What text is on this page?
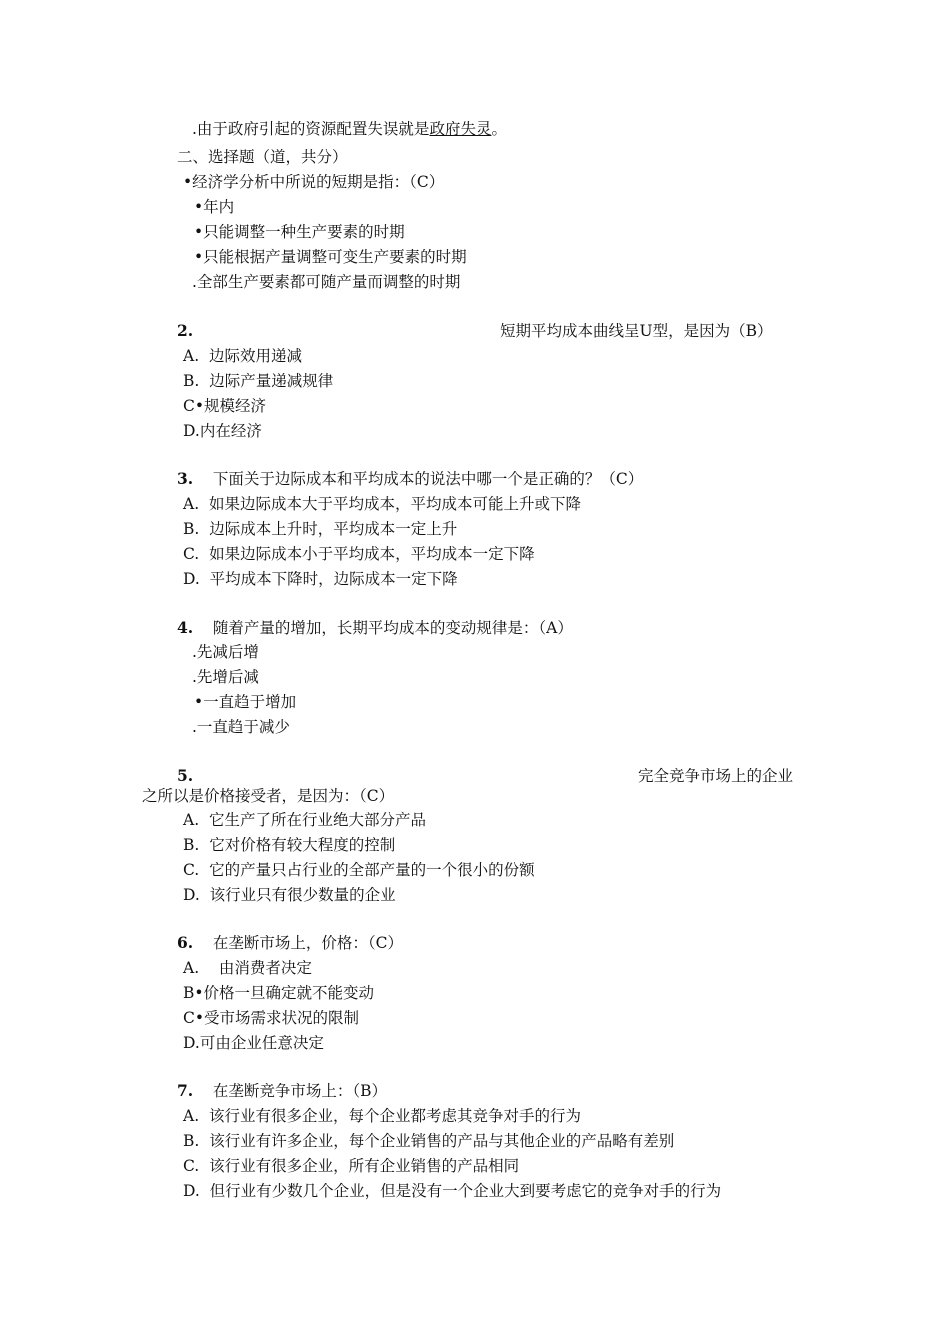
.由于政府引起的资源配置失误就是政府失灵。
二、选择题（道，共分）
•经济学分析中所说的短期是指：（C）
•年内
•只能调整一种生产要素的时期
•只能根据产量调整可变生产要素的时期
.全部生产要素都可随产量而调整的时期
2.	短期平均成本曲线呈U型，是因为（B）
A. 边际效用递减
B. 边际产量递减规律
C•规模经济
D.内在经济
3. 下面关于边际成本和平均成本的说法中哪一个是正确的？（C）
A. 如果边际成本大于平均成本，平均成本可能上升或下降
B. 边际成本上升时，平均成本一定上升
C. 如果边际成本小于平均成本，平均成本一定下降
D. 平均成本下降时，边际成本一定下降
4. 随着产量的增加，长期平均成本的变动规律是：（A）
.先减后增
.先增后减
•一直趋于增加
.一直趋于减少
5.	完全竞争市场上的企业
之所以是价格接受者，是因为：（C）
A. 它生产了所在行业绝大部分产品
B. 它对价格有较大程度的控制
C. 它的产量只占行业的全部产量的一个很小的份额
D. 该行业只有很少数量的企业
6. 在垄断市场上，价格：（C）
A. 由消费者决定
B•价格一旦确定就不能变动
C•受市场需求状况的限制
D.可由企业任意决定
7. 在垄断竞争市场上：（B）
A. 该行业有很多企业，每个企业都考虑其竞争对手的行为
B. 该行业有许多企业，每个企业销售的产品与其他企业的产品略有差别
C. 该行业有很多企业，所有企业销售的产品相同
D. 但行业有少数几个企业，但是没有一个企业大到要考虑它的竞争对手的行为
